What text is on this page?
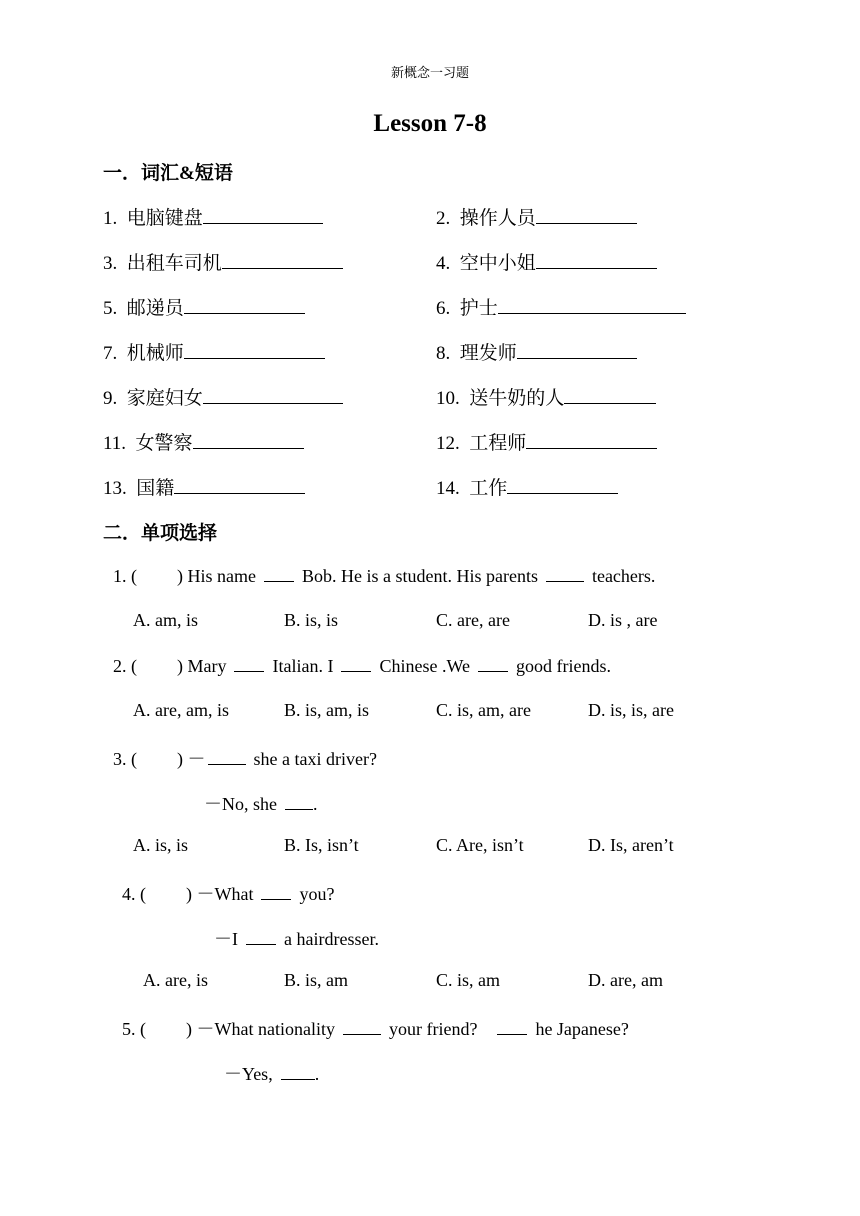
新概念一习题
Lesson 7-8
一．词汇&短语
1. 电脑键盘	2. 操作人员
3. 出租车司机	4. 空中小姐
5. 邮递员	6. 护士
7. 机械师	8. 理发师
9. 家庭妇女	10. 送牛奶的人
11. 女警察	12. 工程师
13. 国籍	14. 工作
二．单项选择
1. ( ) His name	Bob. He is a student. His parents	teachers.
A. am, is	B. is, is	C. are, are	D. is , are
2. ( ) Mary	Italian. I	Chinese .We	good friends.
A. are, am, is	B. is, am, is	C. is, am, are	D. is, is, are
3. ( ) －	she a taxi driver?
－No, she .
A. is, is	B. Is, isn’t	C. Are, isn’t	D. Is, aren’t
4. ( ) －What	you?
－I	a hairdresser.
A. are, is	B. is, am	C. is, am	D. are, am
5. ( ) －What nationality	your friend?	he Japanese?
－Yes, .
